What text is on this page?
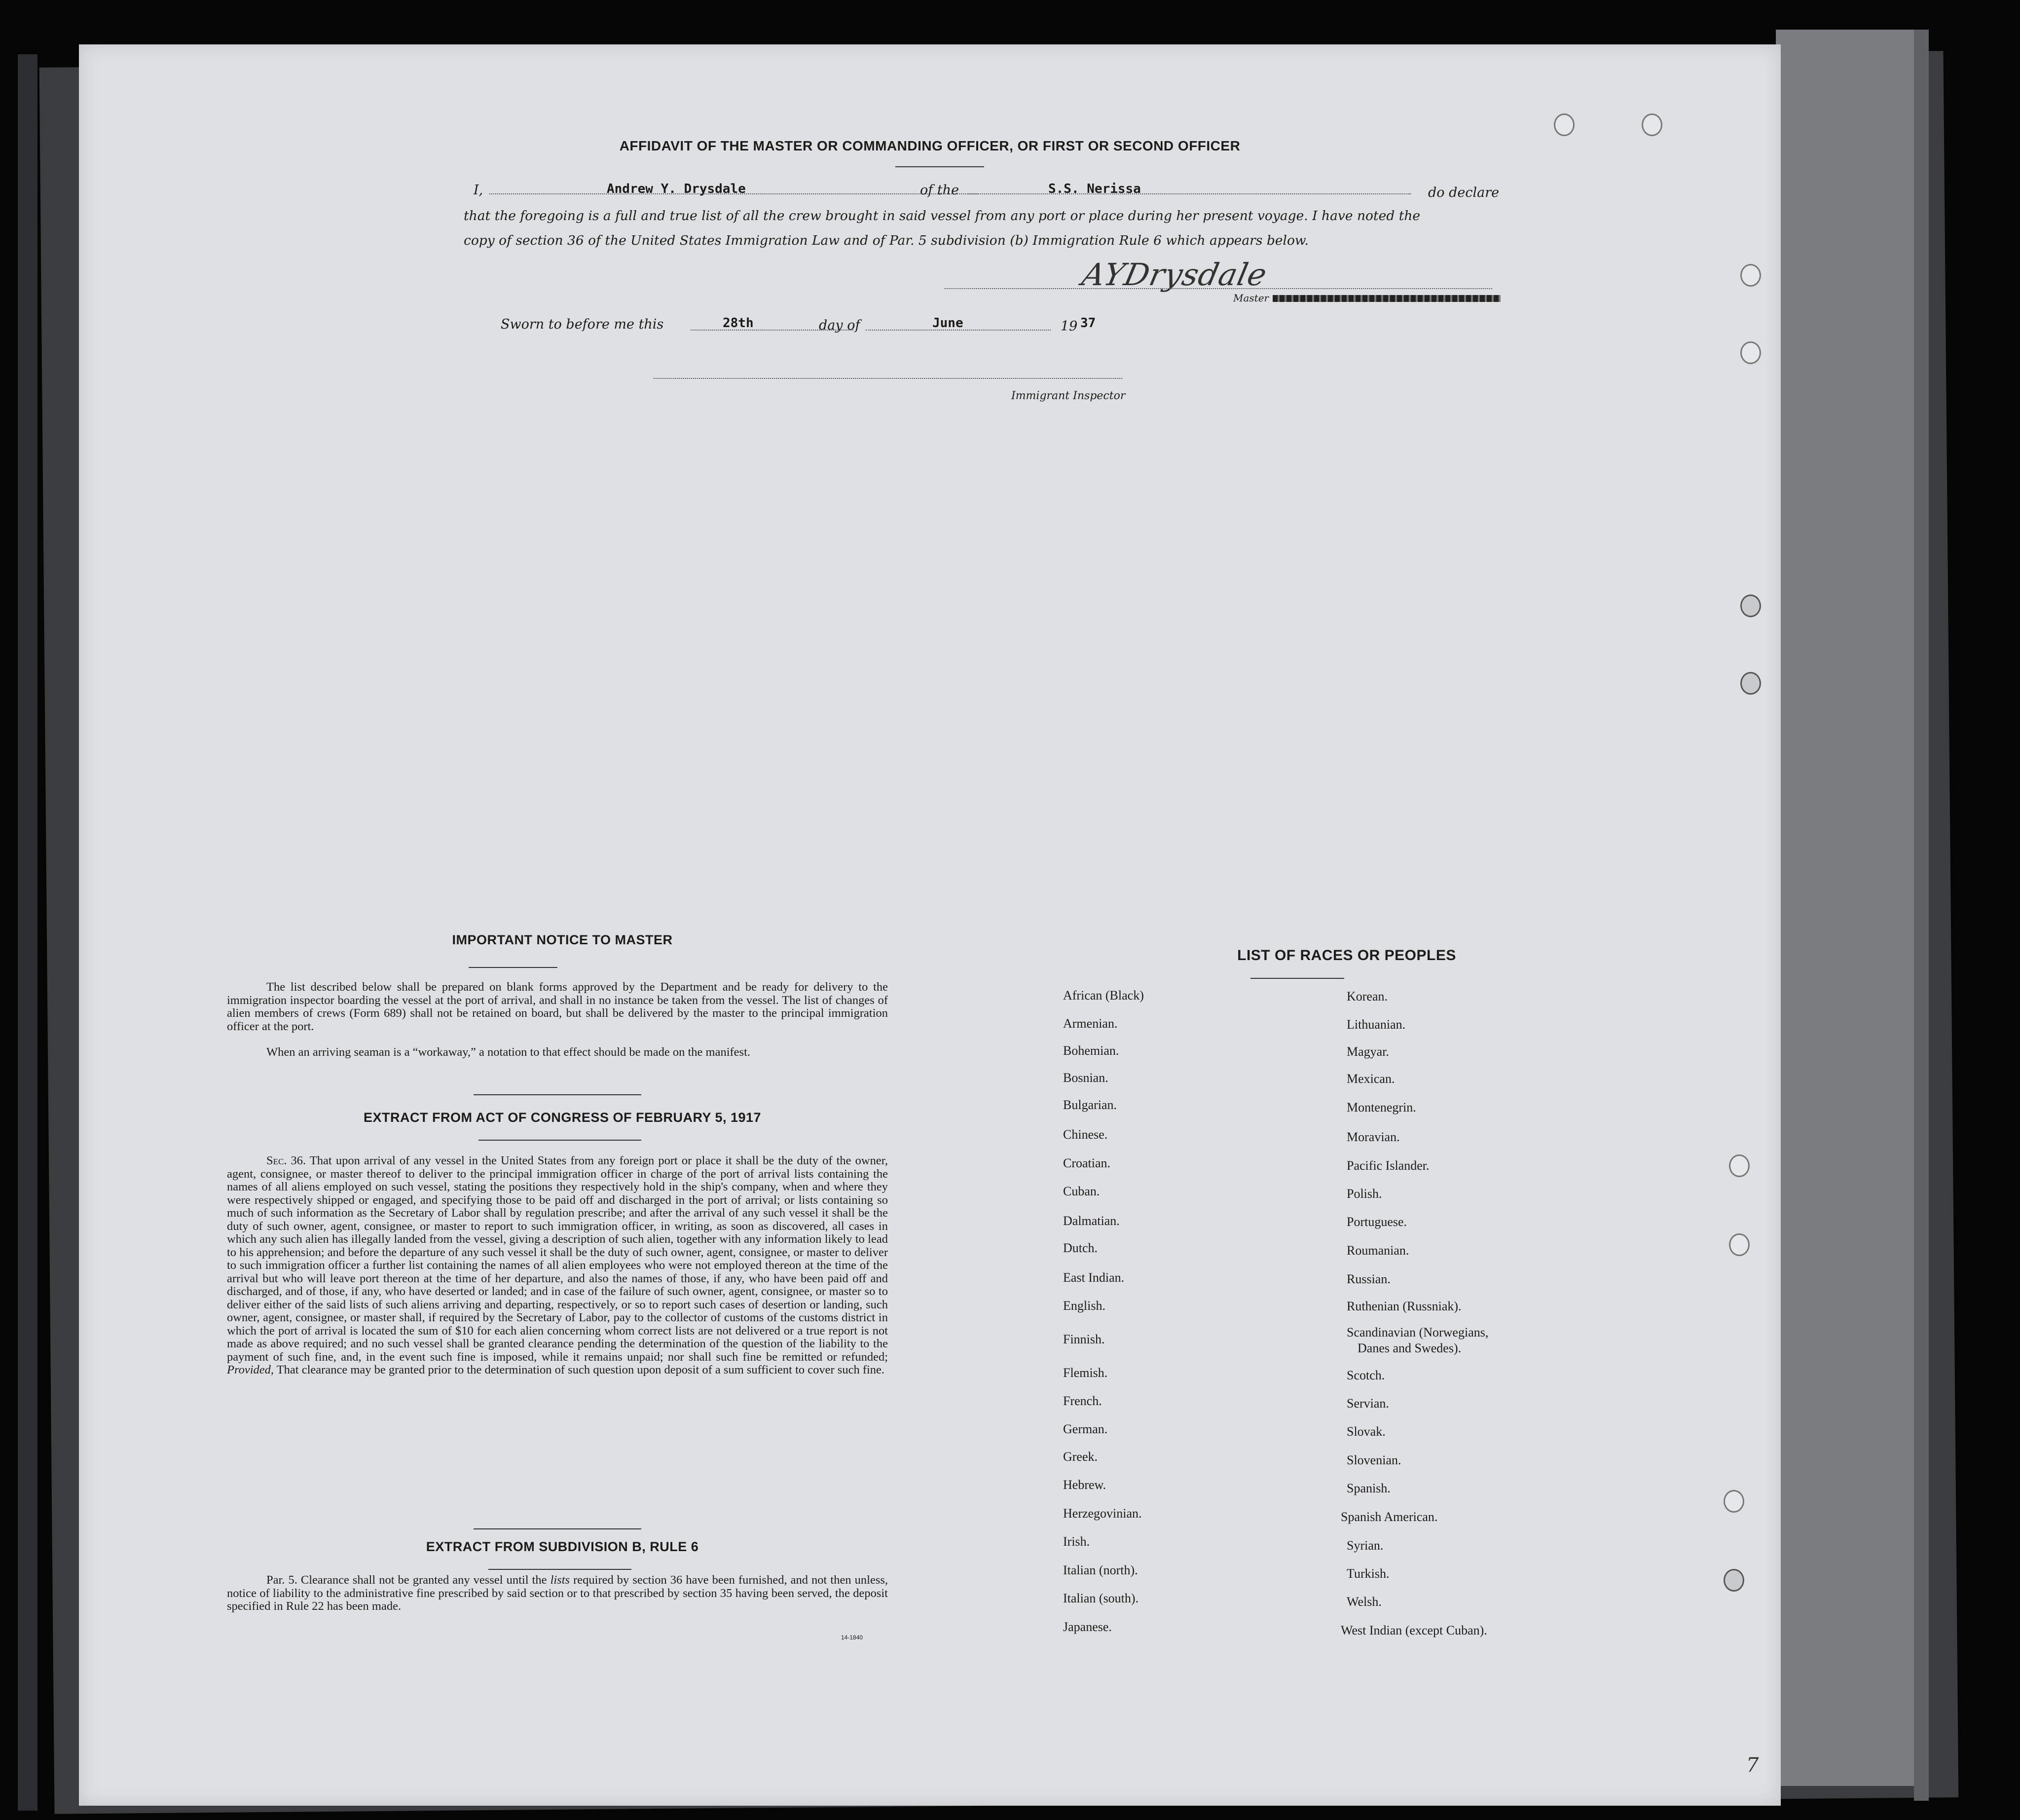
AFFIDAVIT OF THE MASTER OR COMMANDING OFFICER, OR FIRST OR SECOND OFFICER
I,	Andrew Y. Drysdale	of the	S.S. Nerissa	do declare
that the foregoing is a full and true list of all the crew brought in said vessel from any port or place during her present voyage. I have noted the
copy of section 36 of the United States Immigration Law and of Par. 5 subdivision (b) Immigration Rule 6 which appears below.
AYDrysdale
Master
Sworn to before me this	28th	day of	June	19 37
Immigrant Inspector
IMPORTANT NOTICE TO MASTER
The list described below shall be prepared on blank forms approved by the Department and be ready for delivery to the immigration inspector boarding the vessel at the port of arrival, and shall in no instance be taken from the vessel. The list of changes of alien members of crews (Form 689) shall not be retained on board, but shall be delivered by the master to the principal immigration officer at the port.
When an arriving seaman is a “workaway,” a notation to that effect should be made on the manifest.
EXTRACT FROM ACT OF CONGRESS OF FEBRUARY 5, 1917
Sec. 36. That upon arrival of any vessel in the United States from any foreign port or place it shall be the duty of the owner, agent, consignee, or master thereof to deliver to the principal immigration officer in charge of the port of arrival lists containing the names of all aliens employed on such vessel, stating the positions they respectively hold in the ship's company, when and where they were respectively shipped or engaged, and specifying those to be paid off and discharged in the port of arrival; or lists containing so much of such information as the Secretary of Labor shall by regulation prescribe; and after the arrival of any such vessel it shall be the duty of such owner, agent, consignee, or master to report to such immigration officer, in writing, as soon as discovered, all cases in which any such alien has illegally landed from the vessel, giving a description of such alien, together with any information likely to lead to his apprehension; and before the departure of any such vessel it shall be the duty of such owner, agent, consignee, or master to deliver to such immigration officer a further list containing the names of all alien employees who were not employed thereon at the time of the arrival but who will leave port thereon at the time of her departure, and also the names of those, if any, who have been paid off and discharged, and of those, if any, who have deserted or landed; and in case of the failure of such owner, agent, consignee, or master so to deliver either of the said lists of such aliens arriving and departing, respectively, or so to report such cases of desertion or landing, such owner, agent, consignee, or master shall, if required by the Secretary of Labor, pay to the collector of customs of the customs district in which the port of arrival is located the sum of $10 for each alien concerning whom correct lists are not delivered or a true report is not made as above required; and no such vessel shall be granted clearance pending the determination of the question of the liability to the payment of such fine, and, in the event such fine is imposed, while it remains unpaid; nor shall such fine be remitted or refunded; Provided, That clearance may be granted prior to the determination of such question upon deposit of a sum sufficient to cover such fine.
EXTRACT FROM SUBDIVISION B, RULE 6
Par. 5. Clearance shall not be granted any vessel until the lists required by section 36 have been furnished, and not then unless, notice of liability to the administrative fine prescribed by said section or to that prescribed by section 35 having been served, the deposit specified in Rule 22 has been made.
14-1840
LIST OF RACES OR PEOPLES
African (Black)
Armenian.
Bohemian.
Bosnian.
Bulgarian.
Chinese.
Croatian.
Cuban.
Dalmatian.
Dutch.
East Indian.
English.
Finnish.
Flemish.
French.
German.
Greek.
Hebrew.
Herzegovinian.
Irish.
Italian (north).
Italian (south).
Japanese.
Korean.
Lithuanian.
Magyar.
Mexican.
Montenegrin.
Moravian.
Pacific Islander.
Polish.
Portuguese.
Roumanian.
Russian.
Ruthenian (Russniak).
Scandinavian (Norwegians,
Danes and Swedes).
Scotch.
Servian.
Slovak.
Slovenian.
Spanish.
Spanish American.
Syrian.
Turkish.
Welsh.
West Indian (except Cuban).
7
